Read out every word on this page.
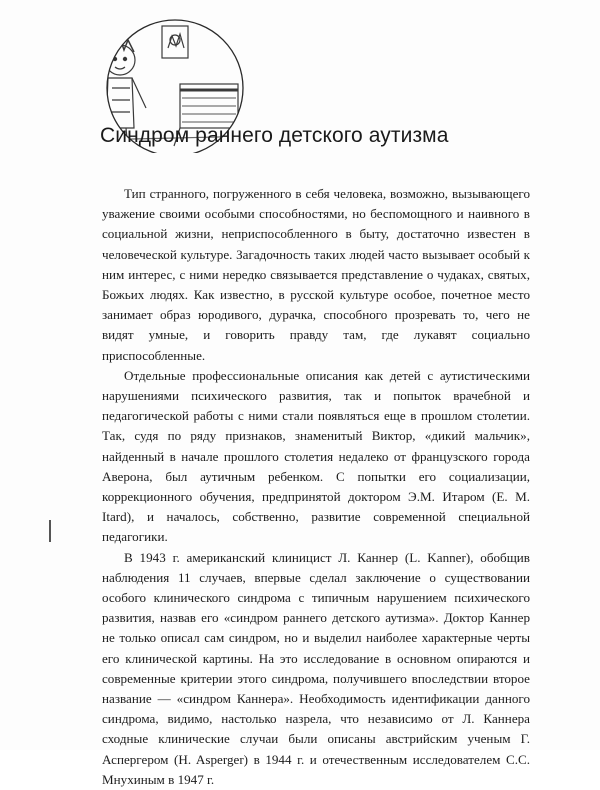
Синдром раннего детского аутизма

Тип странного, погруженного в себя человека, возможно, вызывающего уважение своими особыми способностями, но беспомощного и наивного в социальной жизни, неприспособленного в быту, достаточно известен в человеческой культуре. Загадочность таких людей часто вызывает особый к ним интерес, с ними нередко связывается представление о чудаках, святых, Божьих людях. Как известно, в русской культуре особое, почетное место занимает образ юродивого, дурачка, способного прозревать то, чего не видят умные, и говорить правду там, где лукавят социально приспособленные.

Отдельные профессиональные описания как детей с аутистическими нарушениями психического развития, так и попыток врачебной и педагогической работы с ними стали появляться еще в прошлом столетии. Так, судя по ряду признаков, знаменитый Виктор, «дикий мальчик», найденный в начале прошлого столетия недалеко от французского города Аверона, был аутичным ребенком. С попытки его социализации, коррекционного обучения, предпринятой доктором Э.М. Итаром (E. M. Itard), и началось, собственно, развитие современной специальной педагогики.

В 1943 г. американский клиницист Л. Каннер (L. Kanner), обобщив наблюдения 11 случаев, впервые сделал заключение о существовании особого клинического синдрома с типичным нарушением психического развития, назвав его «синдром раннего детского аутизма». Доктор Каннер не только описал сам синдром, но и выделил наиболее характерные черты его клинической картины. На это исследование в основном опираются и современные критерии этого синдрома, получившего впоследствии второе название — «синдром Каннера». Необходимость идентификации данного синдрома, видимо, настолько назрела, что независимо от Л. Каннера сходные клинические случаи были описаны австрийским ученым Г. Аспергером (H. Asperger) в 1944 г. и отечественным исследователем С.С. Мнухиным в 1947 г.
